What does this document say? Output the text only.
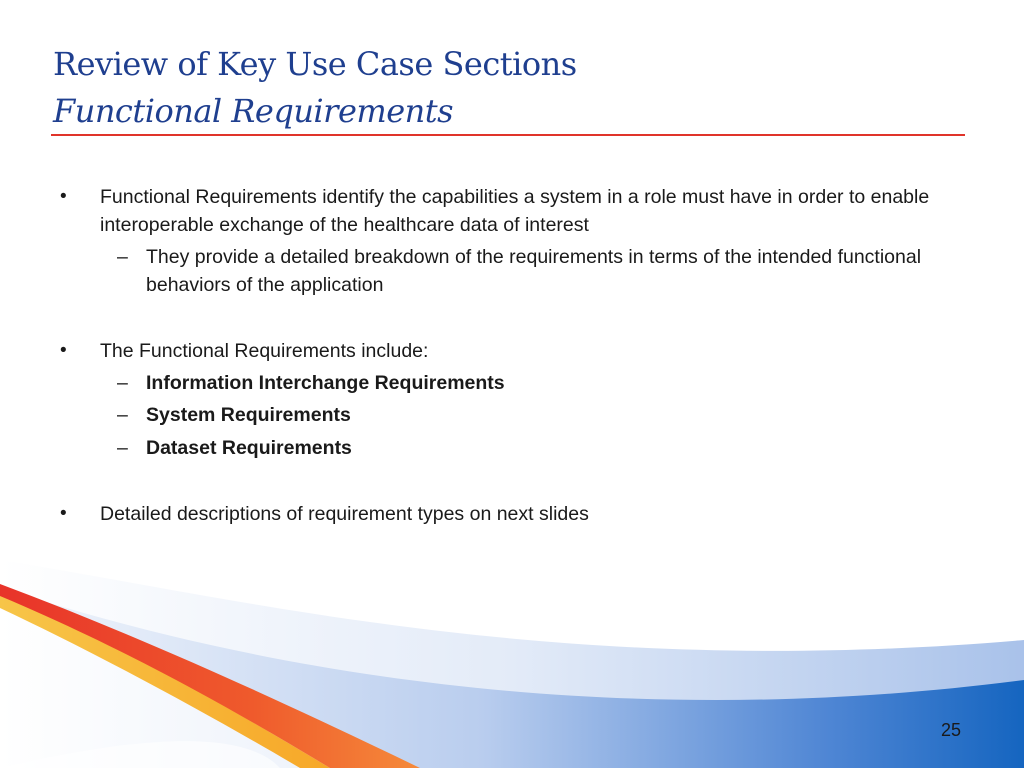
Review of Key Use Case Sections
Functional Requirements
• Functional Requirements identify the capabilities a system in a role must have in order to enable interoperable exchange of the healthcare data of interest
– They provide a detailed breakdown of the requirements in terms of the intended functional behaviors of the application
• The Functional Requirements include:
– Information Interchange Requirements
– System Requirements
– Dataset Requirements
• Detailed descriptions of requirement types on next slides
25
